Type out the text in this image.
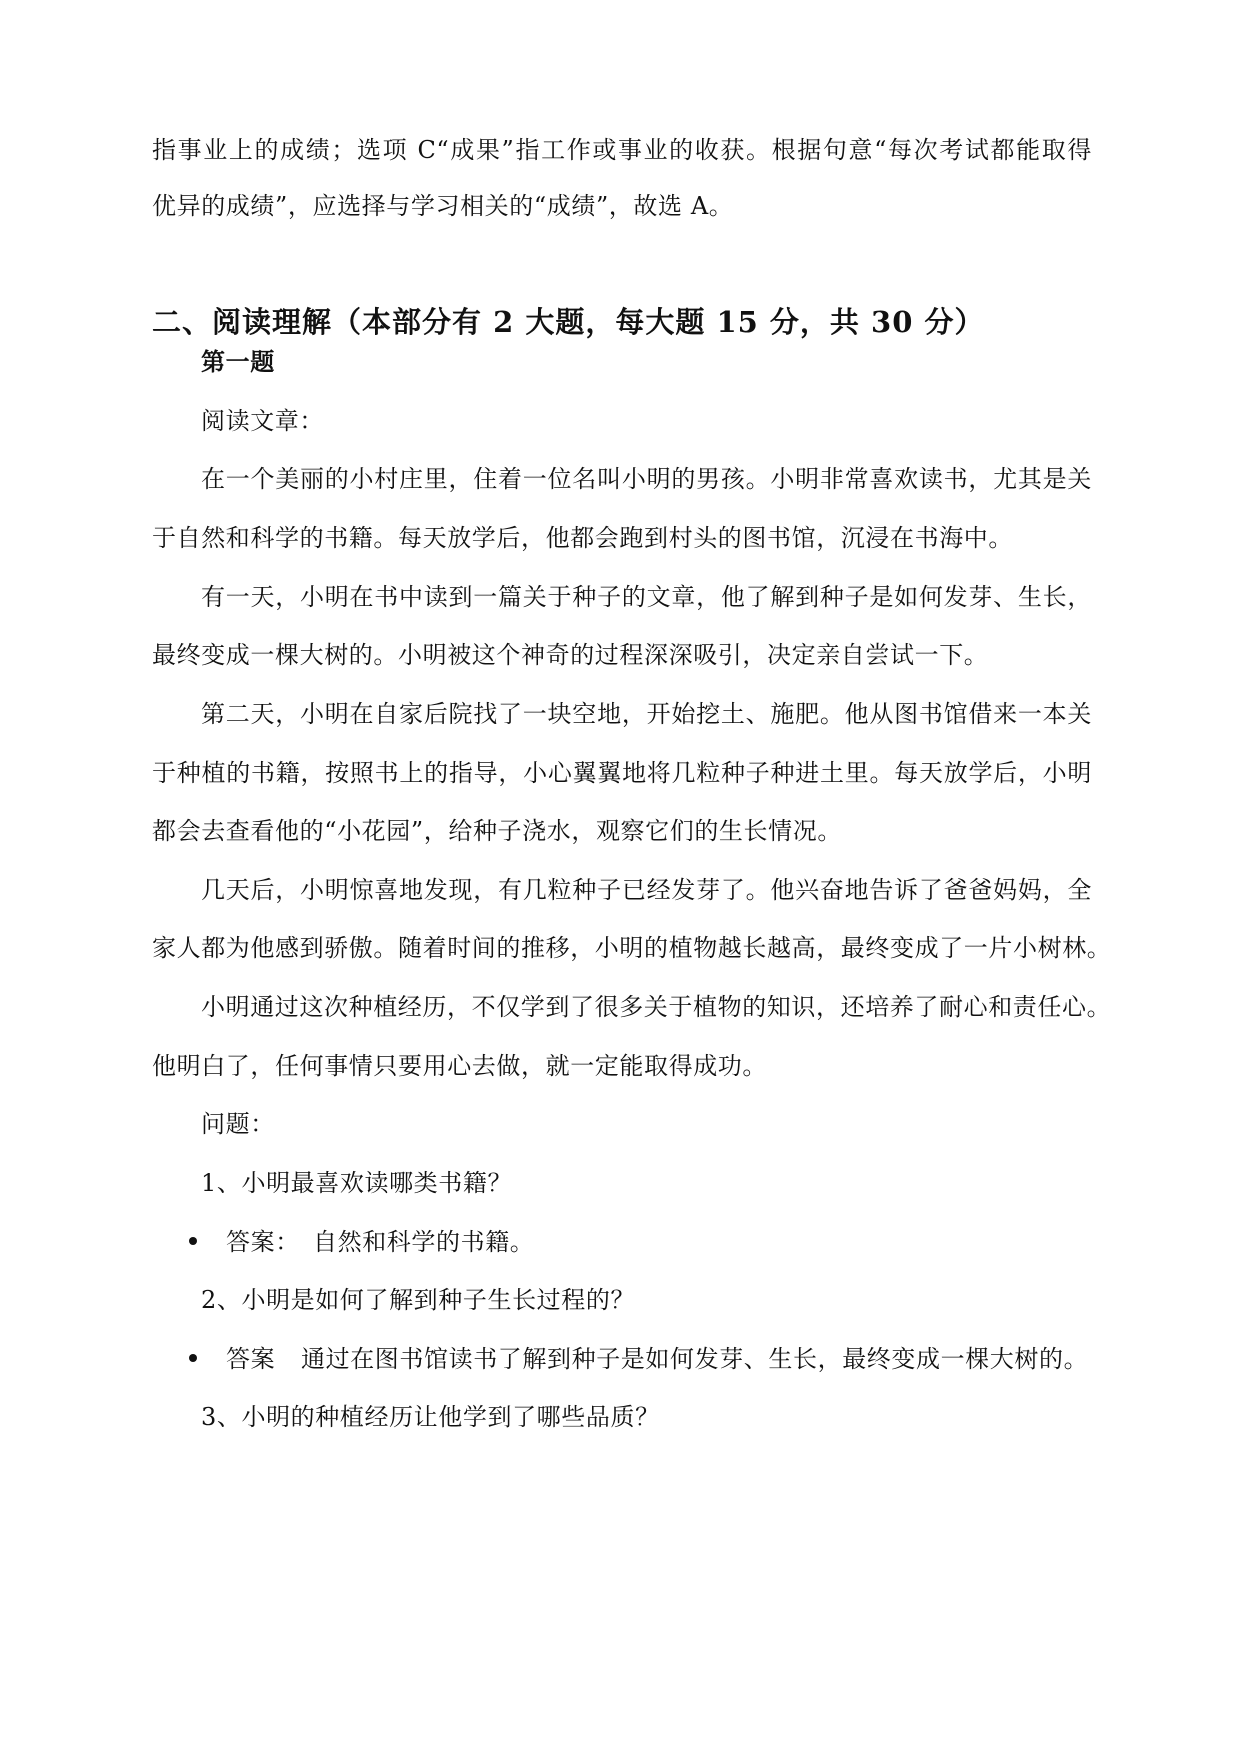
指事业上的成绩；选项 C“成果”指工作或事业的收获。根据句意“每次考试都能取得
优异的成绩”，应选择与学习相关的“成绩”，故选 A。
二、阅读理解（本部分有 2 大题，每大题 15 分，共 30 分）
第一题
阅读文章：
在一个美丽的小村庄里，住着一位名叫小明的男孩。小明非常喜欢读书，尤其是关
于自然和科学的书籍。每天放学后，他都会跑到村头的图书馆，沉浸在书海中。
有一天，小明在书中读到一篇关于种子的文章，他了解到种子是如何发芽、生长，
最终变成一棵大树的。小明被这个神奇的过程深深吸引，决定亲自尝试一下。
第二天，小明在自家后院找了一块空地，开始挖土、施肥。他从图书馆借来一本关
于种植的书籍，按照书上的指导，小心翼翼地将几粒种子种进土里。每天放学后，小明
都会去查看他的“小花园”，给种子浇水，观察它们的生长情况。
几天后，小明惊喜地发现，有几粒种子已经发芽了。他兴奋地告诉了爸爸妈妈，全
家人都为他感到骄傲。随着时间的推移，小明的植物越长越高，最终变成了一片小树林。
小明通过这次种植经历，不仅学到了很多关于植物的知识，还培养了耐心和责任心。
他明白了，任何事情只要用心去做，就一定能取得成功。
问题：
1、小明最喜欢读哪类书籍？
答案： 自然和科学的书籍。
2、小明是如何了解到种子生长过程的？
答案 通过在图书馆读书了解到种子是如何发芽、生长，最终变成一棵大树的。
3、小明的种植经历让他学到了哪些品质？
